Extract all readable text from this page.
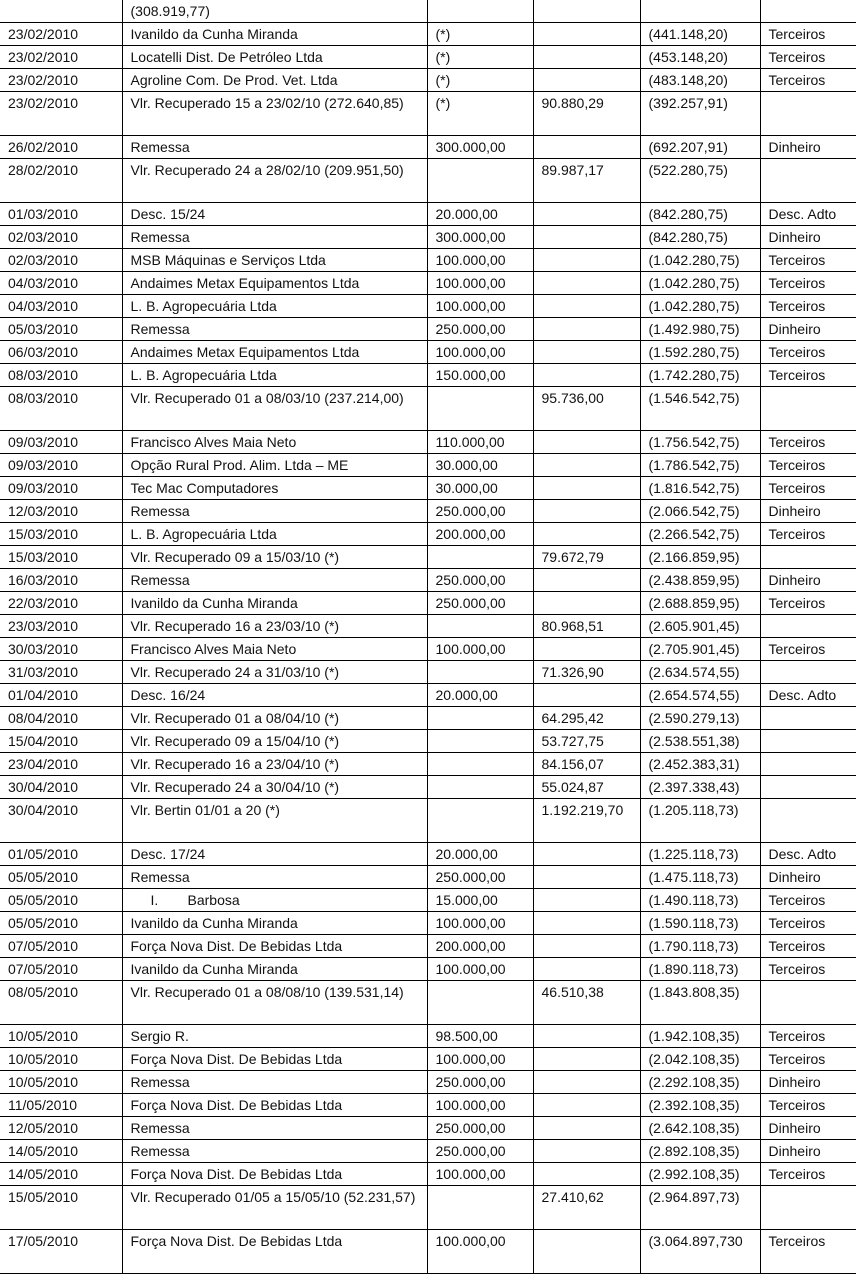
	(308.919,77)				
23/02/2010	Ivanildo da Cunha Miranda	(*)		(441.148,20)	Terceiros
23/02/2010	Locatelli Dist. De Petróleo Ltda	(*)		(453.148,20)	Terceiros
23/02/2010	Agroline Com. De Prod. Vet. Ltda	(*)		(483.148,20)	Terceiros
23/02/2010	Vlr. Recuperado 15 a 23/02/10 (272.640,85)	(*)	90.880,29	(392.257,91)	
26/02/2010	Remessa	300.000,00		(692.207,91)	Dinheiro
28/02/2010	Vlr. Recuperado 24 a 28/02/10 (209.951,50)		89.987,17	(522.280,75)	
01/03/2010	Desc. 15/24	20.000,00		(842.280,75)	Desc. Adto
02/03/2010	Remessa	300.000,00		(842.280,75)	Dinheiro
02/03/2010	MSB Máquinas e Serviços Ltda	100.000,00		(1.042.280,75)	Terceiros
04/03/2010	Andaimes Metax Equipamentos Ltda	100.000,00		(1.042.280,75)	Terceiros
04/03/2010	L. B. Agropecuária Ltda	100.000,00		(1.042.280,75)	Terceiros
05/03/2010	Remessa	250.000,00		(1.492.980,75)	Dinheiro
06/03/2010	Andaimes Metax Equipamentos Ltda	100.000,00		(1.592.280,75)	Terceiros
08/03/2010	L. B. Agropecuária Ltda	150.000,00		(1.742.280,75)	Terceiros
08/03/2010	Vlr. Recuperado 01 a 08/03/10 (237.214,00)		95.736,00	(1.546.542,75)	
09/03/2010	Francisco Alves Maia Neto	110.000,00		(1.756.542,75)	Terceiros
09/03/2010	Opção Rural Prod. Alim. Ltda – ME	30.000,00		(1.786.542,75)	Terceiros
09/03/2010	Tec Mac Computadores	30.000,00		(1.816.542,75)	Terceiros
12/03/2010	Remessa	250.000,00		(2.066.542,75)	Dinheiro
15/03/2010	L. B. Agropecuária Ltda	200.000,00		(2.266.542,75)	Terceiros
15/03/2010	Vlr. Recuperado 09 a 15/03/10 (*)		79.672,79	(2.166.859,95)	
16/03/2010	Remessa	250.000,00		(2.438.859,95)	Dinheiro
22/03/2010	Ivanildo da Cunha Miranda	250.000,00		(2.688.859,95)	Terceiros
23/03/2010	Vlr. Recuperado 16 a 23/03/10 (*)		80.968,51	(2.605.901,45)	
30/03/2010	Francisco Alves Maia Neto	100.000,00		(2.705.901,45)	Terceiros
31/03/2010	Vlr. Recuperado 24 a 31/03/10 (*)		71.326,90	(2.634.574,55)	
01/04/2010	Desc. 16/24	20.000,00		(2.654.574,55)	Desc. Adto
08/04/2010	Vlr. Recuperado 01 a 08/04/10 (*)		64.295,42	(2.590.279,13)	
15/04/2010	Vlr. Recuperado 09 a 15/04/10 (*)		53.727,75	(2.538.551,38)	
23/04/2010	Vlr. Recuperado 16 a 23/04/10 (*)		84.156,07	(2.452.383,31)	
30/04/2010	Vlr. Recuperado 24 a 30/04/10 (*)		55.024,87	(2.397.338,43)	
30/04/2010	Vlr. Bertin 01/01 a 20 (*)		1.192.219,70	(1.205.118,73)	
01/05/2010	Desc. 17/24	20.000,00		(1.225.118,73)	Desc. Adto
05/05/2010	Remessa	250.000,00		(1.475.118,73)	Dinheiro
05/05/2010	I. Barbosa	15.000,00		(1.490.118,73)	Terceiros
05/05/2010	Ivanildo da Cunha Miranda	100.000,00		(1.590.118,73)	Terceiros
07/05/2010	Força Nova Dist. De Bebidas Ltda	200.000,00		(1.790.118,73)	Terceiros
07/05/2010	Ivanildo da Cunha Miranda	100.000,00		(1.890.118,73)	Terceiros
08/05/2010	Vlr. Recuperado 01 a 08/08/10 (139.531,14)		46.510,38	(1.843.808,35)	
10/05/2010	Sergio R.	98.500,00		(1.942.108,35)	Terceiros
10/05/2010	Força Nova Dist. De Bebidas Ltda	100.000,00		(2.042.108,35)	Terceiros
10/05/2010	Remessa	250.000,00		(2.292.108,35)	Dinheiro
11/05/2010	Força Nova Dist. De Bebidas Ltda	100.000,00		(2.392.108,35)	Terceiros
12/05/2010	Remessa	250.000,00		(2.642.108,35)	Dinheiro
14/05/2010	Remessa	250.000,00		(2.892.108,35)	Dinheiro
14/05/2010	Força Nova Dist. De Bebidas Ltda	100.000,00		(2.992.108,35)	Terceiros
15/05/2010	Vlr. Recuperado 01/05 a 15/05/10 (52.231,57)		27.410,62	(2.964.897,73)	
17/05/2010	Força Nova Dist. De Bebidas Ltda	100.000,00		(3.064.897,730	Terceiros
